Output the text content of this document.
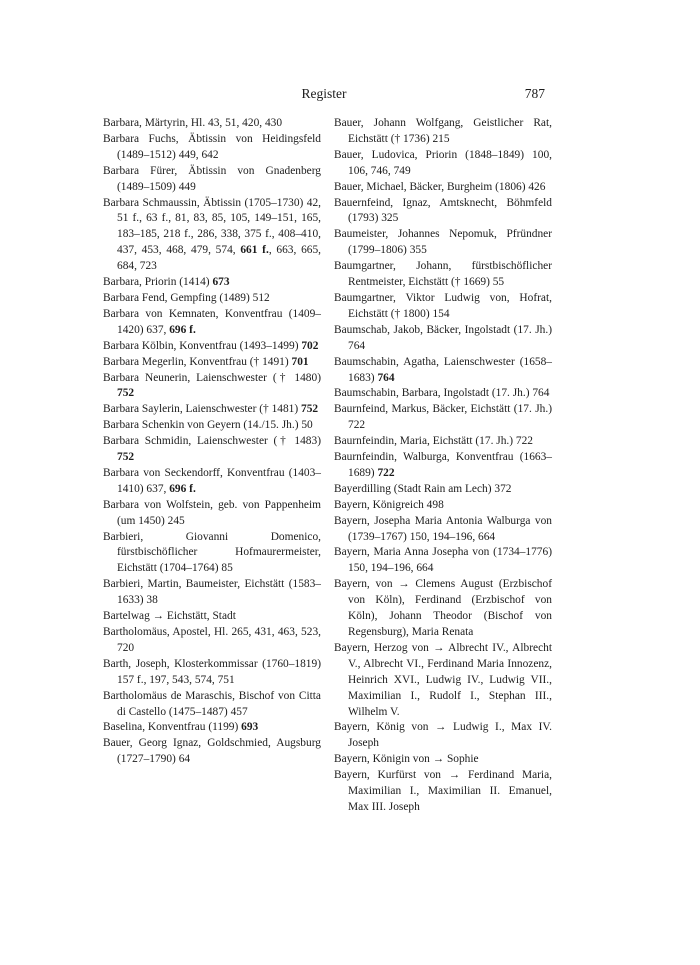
Register	787
Barbara, Märtyrin, Hl. 43, 51, 420, 430
Barbara Fuchs, Äbtissin von Heidingsfeld (1489–1512) 449, 642
Barbara Fürer, Äbtissin von Gnadenberg (1489–1509) 449
Barbara Schmaussin, Äbtissin (1705–1730) 42, 51 f., 63 f., 81, 83, 85, 105, 149–151, 165, 183–185, 218 f., 286, 338, 375 f., 408–410, 437, 453, 468, 479, 574, 661 f., 663, 665, 684, 723
Barbara, Priorin (1414) 673
Barbara Fend, Gempfing (1489) 512
Barbara von Kemnaten, Konventfrau (1409–1420) 637, 696 f.
Barbara Kölbin, Konventfrau (1493–1499) 702
Barbara Megerlin, Konventfrau († 1491) 701
Barbara Neunerin, Laienschwester († 1480) 752
Barbara Saylerin, Laienschwester († 1481) 752
Barbara Schenkin von Geyern (14./15. Jh.) 50
Barbara Schmidin, Laienschwester († 1483) 752
Barbara von Seckendorff, Konventfrau (1403–1410) 637, 696 f.
Barbara von Wolfstein, geb. von Pappenheim (um 1450) 245
Barbieri, Giovanni Domenico, fürstbischöflicher Hofmaurermeister, Eichstätt (1704–1764) 85
Barbieri, Martin, Baumeister, Eichstätt (1583–1633) 38
Bartelwag → Eichstätt, Stadt
Bartholomäus, Apostel, Hl. 265, 431, 463, 523, 720
Barth, Joseph, Klosterkommissar (1760–1819) 157 f., 197, 543, 574, 751
Bartholomäus de Maraschis, Bischof von Citta di Castello (1475–1487) 457
Baselina, Konventfrau (1199) 693
Bauer, Georg Ignaz, Goldschmied, Augsburg (1727–1790) 64
Bauer, Johann Wolfgang, Geistlicher Rat, Eichstätt († 1736) 215
Bauer, Ludovica, Priorin (1848–1849) 100, 106, 746, 749
Bauer, Michael, Bäcker, Burgheim (1806) 426
Bauernfeind, Ignaz, Amtsknecht, Böhmfeld (1793) 325
Baumeister, Johannes Nepomuk, Pfründner (1799–1806) 355
Baumgartner, Johann, fürstbischöflicher Rentmeister, Eichstätt († 1669) 55
Baumgartner, Viktor Ludwig von, Hofrat, Eichstätt († 1800) 154
Baumschab, Jakob, Bäcker, Ingolstadt (17. Jh.) 764
Baumschabin, Agatha, Laienschwester (1658–1683) 764
Baumschabin, Barbara, Ingolstadt (17. Jh.) 764
Baurnfeind, Markus, Bäcker, Eichstätt (17. Jh.) 722
Baurnfeindin, Maria, Eichstätt (17. Jh.) 722
Baurnfeindin, Walburga, Konventfrau (1663–1689) 722
Bayerdilling (Stadt Rain am Lech) 372
Bayern, Königreich 498
Bayern, Josepha Maria Antonia Walburga von (1739–1767) 150, 194–196, 664
Bayern, Maria Anna Josepha von (1734–1776) 150, 194–196, 664
Bayern, von → Clemens August (Erzbischof von Köln), Ferdinand (Erzbischof von Köln), Johann Theodor (Bischof von Regensburg), Maria Renata
Bayern, Herzog von → Albrecht IV., Albrecht V., Albrecht VI., Ferdinand Maria Innozenz, Heinrich XVI., Ludwig IV., Ludwig VII., Maximilian I., Rudolf I., Stephan III., Wilhelm V.
Bayern, König von → Ludwig I., Max IV. Joseph
Bayern, Königin von → Sophie
Bayern, Kurfürst von → Ferdinand Maria, Maximilian I., Maximilian II. Emanuel, Max III. Joseph
